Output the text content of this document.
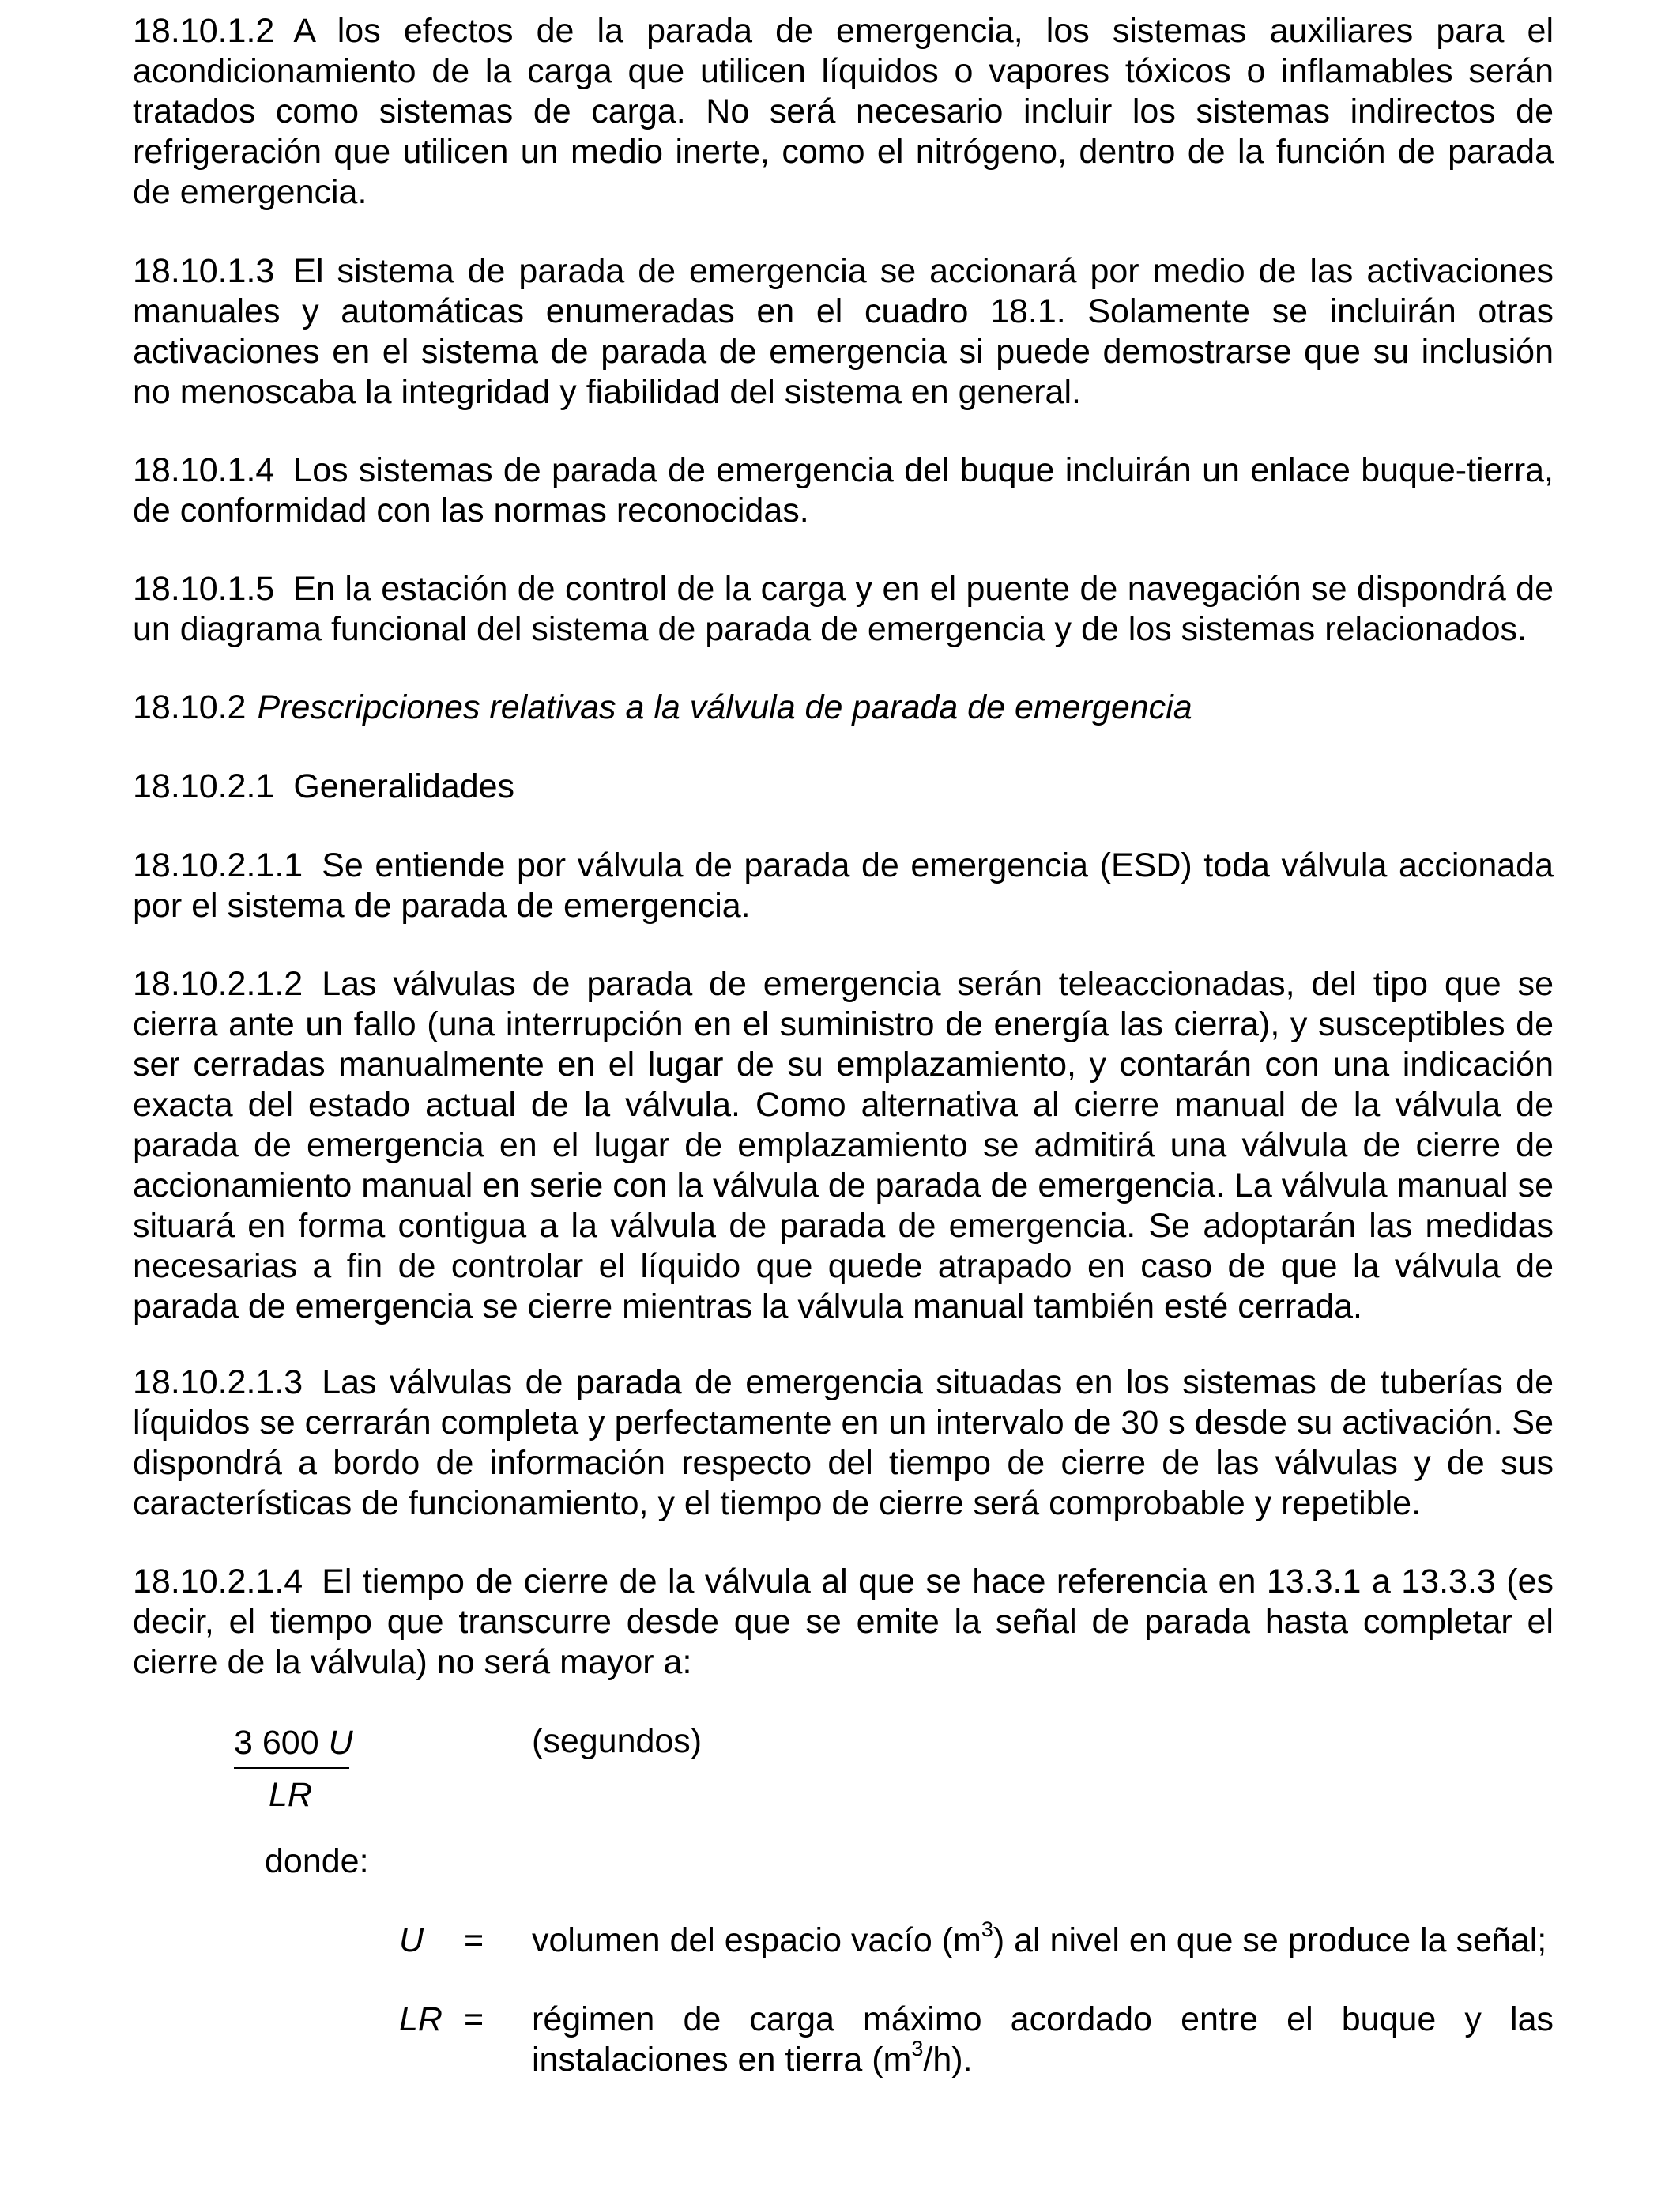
18.10.1.2 A los efectos de la parada de emergencia, los sistemas auxiliares para el acondicionamiento de la carga que utilicen líquidos o vapores tóxicos o inflamables serán tratados como sistemas de carga. No será necesario incluir los sistemas indirectos de refrigeración que utilicen un medio inerte, como el nitrógeno, dentro de la función de parada de emergencia.

18.10.1.3 El sistema de parada de emergencia se accionará por medio de las activaciones manuales y automáticas enumeradas en el cuadro 18.1. Solamente se incluirán otras activaciones en el sistema de parada de emergencia si puede demostrarse que su inclusión no menoscaba la integridad y fiabilidad del sistema en general.

18.10.1.4 Los sistemas de parada de emergencia del buque incluirán un enlace buque-tierra, de conformidad con las normas reconocidas.

18.10.1.5 En la estación de control de la carga y en el puente de navegación se dispondrá de un diagrama funcional del sistema de parada de emergencia y de los sistemas relacionados.

18.10.2 Prescripciones relativas a la válvula de parada de emergencia

18.10.2.1 Generalidades

18.10.2.1.1 Se entiende por válvula de parada de emergencia (ESD) toda válvula accionada por el sistema de parada de emergencia.

18.10.2.1.2 Las válvulas de parada de emergencia serán teleaccionadas, del tipo que se cierra ante un fallo (una interrupción en el suministro de energía las cierra), y susceptibles de ser cerradas manualmente en el lugar de su emplazamiento, y contarán con una indicación exacta del estado actual de la válvula. Como alternativa al cierre manual de la válvula de parada de emergencia en el lugar de emplazamiento se admitirá una válvula de cierre de accionamiento manual en serie con la válvula de parada de emergencia. La válvula manual se situará en forma contigua a la válvula de parada de emergencia. Se adoptarán las medidas necesarias a fin de controlar el líquido que quede atrapado en caso de que la válvula de parada de emergencia se cierre mientras la válvula manual también esté cerrada.

18.10.2.1.3 Las válvulas de parada de emergencia situadas en los sistemas de tuberías de líquidos se cerrarán completa y perfectamente en un intervalo de 30 s desde su activación. Se dispondrá a bordo de información respecto del tiempo de cierre de las válvulas y de sus características de funcionamiento, y el tiempo de cierre será comprobable y repetible.

18.10.2.1.4 El tiempo de cierre de la válvula al que se hace referencia en 13.3.1 a 13.3.3 (es decir, el tiempo que transcurre desde que se emite la señal de parada hasta completar el cierre de la válvula) no será mayor a:

3 600 U
LR
(segundos)
donde:
U = volumen del espacio vacío $(m^3)$ al nivel en que se produce la señal;

LR = régimen de carga máximo acordado entre el buque y las instalaciones en tierra $(m^3/h)$.
